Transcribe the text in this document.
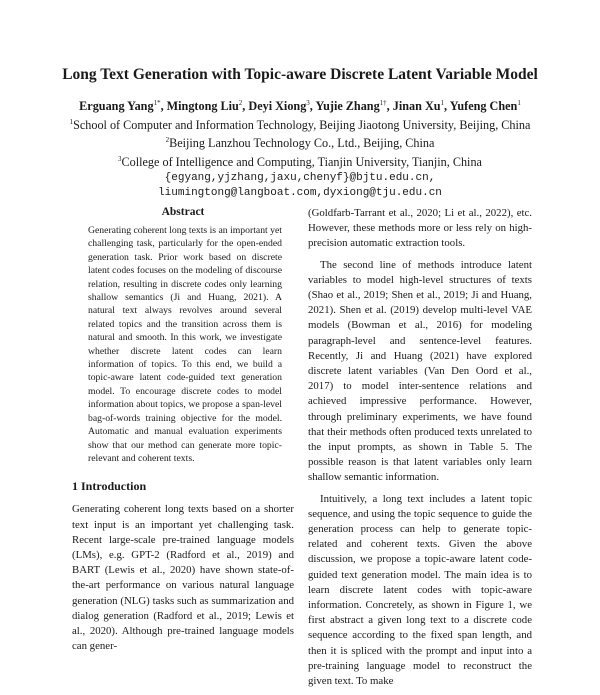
Long Text Generation with Topic-aware Discrete Latent Variable Model
Erguang Yang$^{1*}$, Mingtong Liu$^2$, Deyi Xiong$^3$, Yujie Zhang$^{1\dagger}$, Jinan Xu$^1$, Yufeng Chen$^1$
$^1$School of Computer and Information Technology, Beijing Jiaotong University, Beijing, China
$^2$Beijing Lanzhou Technology Co., Ltd., Beijing, China
$^3$College of Intelligence and Computing, Tianjin University, Tianjin, China
{egyang,yjzhang,jaxu,chenyf}@bjtu.edu.cn,
liumingtong@langboat.com,dyxiong@tju.edu.cn
Abstract

Generating coherent long texts is an important yet challenging task, particularly for the open-ended generation task. Prior work based on discrete latent codes focuses on the modeling of discourse relation, resulting in discrete codes only learning shallow semantics (Ji and Huang, 2021). A natural text always revolves around several related topics and the transition across them is natural and smooth. In this work, we investigate whether discrete latent codes can learn information of topics. To this end, we build a topic-aware latent code-guided text generation model. To encourage discrete codes to model information about topics, we propose a span-level bag-of-words training objective for the model. Automatic and manual evaluation experiments show that our method can generate more topic-relevant and coherent texts.

1 Introduction

Generating coherent long texts based on a shorter text input is an important yet challenging task. Recent large-scale pre-trained language models (LMs), e.g. GPT-2 (Radford et al., 2019) and BART (Lewis et al., 2020) have shown state-of-the-art performance on various natural language generation (NLG) tasks such as summarization and dialog generation (Radford et al., 2019; Lewis et al., 2020). Although pre-trained language models can gener-

(Goldfarb-Tarrant et al., 2020; Li et al., 2022), etc. However, these methods more or less rely on high-precision automatic extraction tools.

The second line of methods introduce latent variables to model high-level structures of texts (Shao et al., 2019; Shen et al., 2019; Ji and Huang, 2021). Shen et al. (2019) develop multi-level VAE models (Bowman et al., 2016) for modeling paragraph-level and sentence-level features. Recently, Ji and Huang (2021) have explored discrete latent variables (Van Den Oord et al., 2017) to model inter-sentence relations and achieved impressive performance. However, through preliminary experiments, we have found that their methods often produced texts unrelated to the input prompts, as shown in Table 5. The possible reason is that latent variables only learn shallow semantic information.

Intuitively, a long text includes a latent topic sequence, and using the topic sequence to guide the generation process can help to generate topic-related and coherent texts. Given the above discussion, we propose a topic-aware latent code-guided text generation model. The main idea is to learn discrete latent codes with topic-aware information. Concretely, as shown in Figure 1, we first abstract a given long text to a discrete code sequence according to the fixed span length, and then it is spliced with the prompt and input into a pre-training language model to reconstruct the given text. To make
